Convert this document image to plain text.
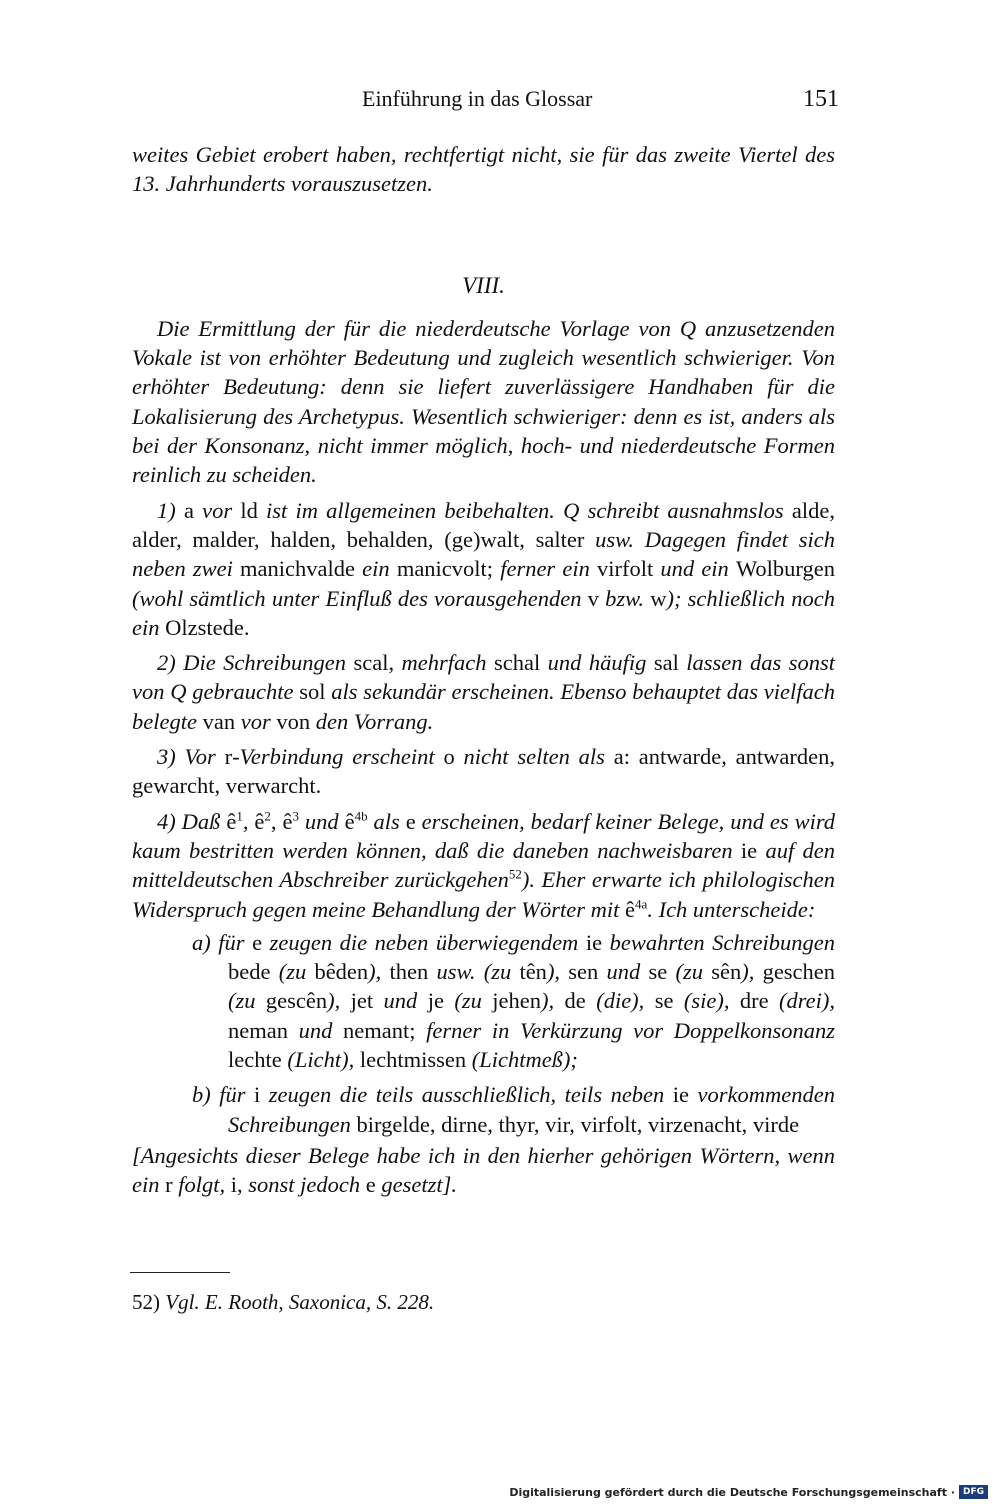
Einführung in das Glossar	151

weites Gebiet erobert haben, rechtfertigt nicht, sie für das zweite Viertel des 13. Jahrhunderts vorauszusetzen.

VIII.

Die Ermittlung der für die niederdeutsche Vorlage von Q anzusetzenden Vokale ist von erhöhter Bedeutung und zugleich wesentlich schwieriger. Von erhöhter Bedeutung: denn sie liefert zuverlässigere Handhaben für die Lokalisierung des Archetypus. Wesentlich schwieriger: denn es ist, anders als bei der Konsonanz, nicht immer möglich, hoch- und niederdeutsche Formen reinlich zu scheiden.

1) a vor ld ist im allgemeinen beibehalten. Q schreibt ausnahmslos alde, alder, malder, halden, behalden, (ge)walt, salter usw. Dagegen findet sich neben zwei manichvalde ein manicvolt; ferner ein virfolt und ein Wolburgen (wohl sämtlich unter Einfluß des vorausgehenden v bzw. w); schließlich noch ein Olzstede.

2) Die Schreibungen scal, mehrfach schal und häufig sal lassen das sonst von Q gebrauchte sol als sekundär erscheinen. Ebenso behauptet das vielfach belegte van vor von den Vorrang.

3) Vor r-Verbindung erscheint o nicht selten als a: antwarde, antwarden, gewarcht, verwarcht.

4) Daß $ê^1$, $ê^2$, $ê^3$ und $ê^{4b}$ als e erscheinen, bedarf keiner Belege, und es wird kaum bestritten werden können, daß die daneben nachweisbaren ie auf den mitteldeutschen Abschreiber zurückgehen$^{52}$). Eher erwarte ich philologischen Widerspruch gegen meine Behandlung der Wörter mit $ê^{4a}$. Ich unterscheide:

a) für e zeugen die neben überwiegendem ie bewahrten Schreibungen bede (zu bêden), then usw. (zu tên), sen und se (zu sên), geschen (zu gescên), jet und je (zu jehen), de (die), se (sie), dre (drei), neman und nemant; ferner in Verkürzung vor Doppelkonsonanz lechte (Licht), lechtmissen (Lichtmeß);

b) für i zeugen die teils ausschließlich, teils neben ie vorkommenden Schreibungen birgelde, dirne, thyr, vir, virfolt, virzenacht, virde

[Angesichts dieser Belege habe ich in den hierher gehörigen Wörtern, wenn ein r folgt, i, sonst jedoch e gesetzt].

52) Vgl. E. Rooth, Saxonica, S. 228.
Digitalisierung gefördert durch die Deutsche Forschungsgemeinschaft · DFG
